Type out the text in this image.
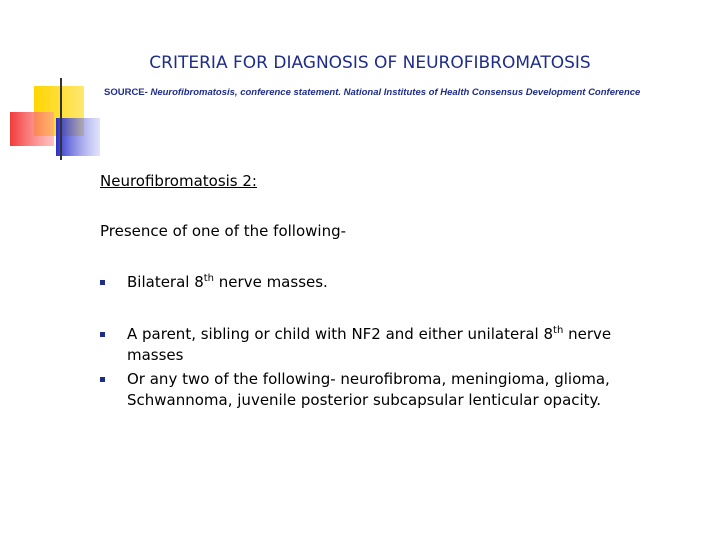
CRITERIA FOR DIAGNOSIS OF NEUROFIBROMATOSIS
SOURCE- Neurofibromatosis, conference statement. National Institutes of Health Consensus Development Conference

Neurofibromatosis 2:

Presence of one of the following-

Bilateral 8th nerve masses.
A parent, sibling or child with NF2 and either unilateral 8th nerve masses
Or any two of the following- neurofibroma, meningioma, glioma, Schwannoma, juvenile posterior subcapsular lenticular opacity.
